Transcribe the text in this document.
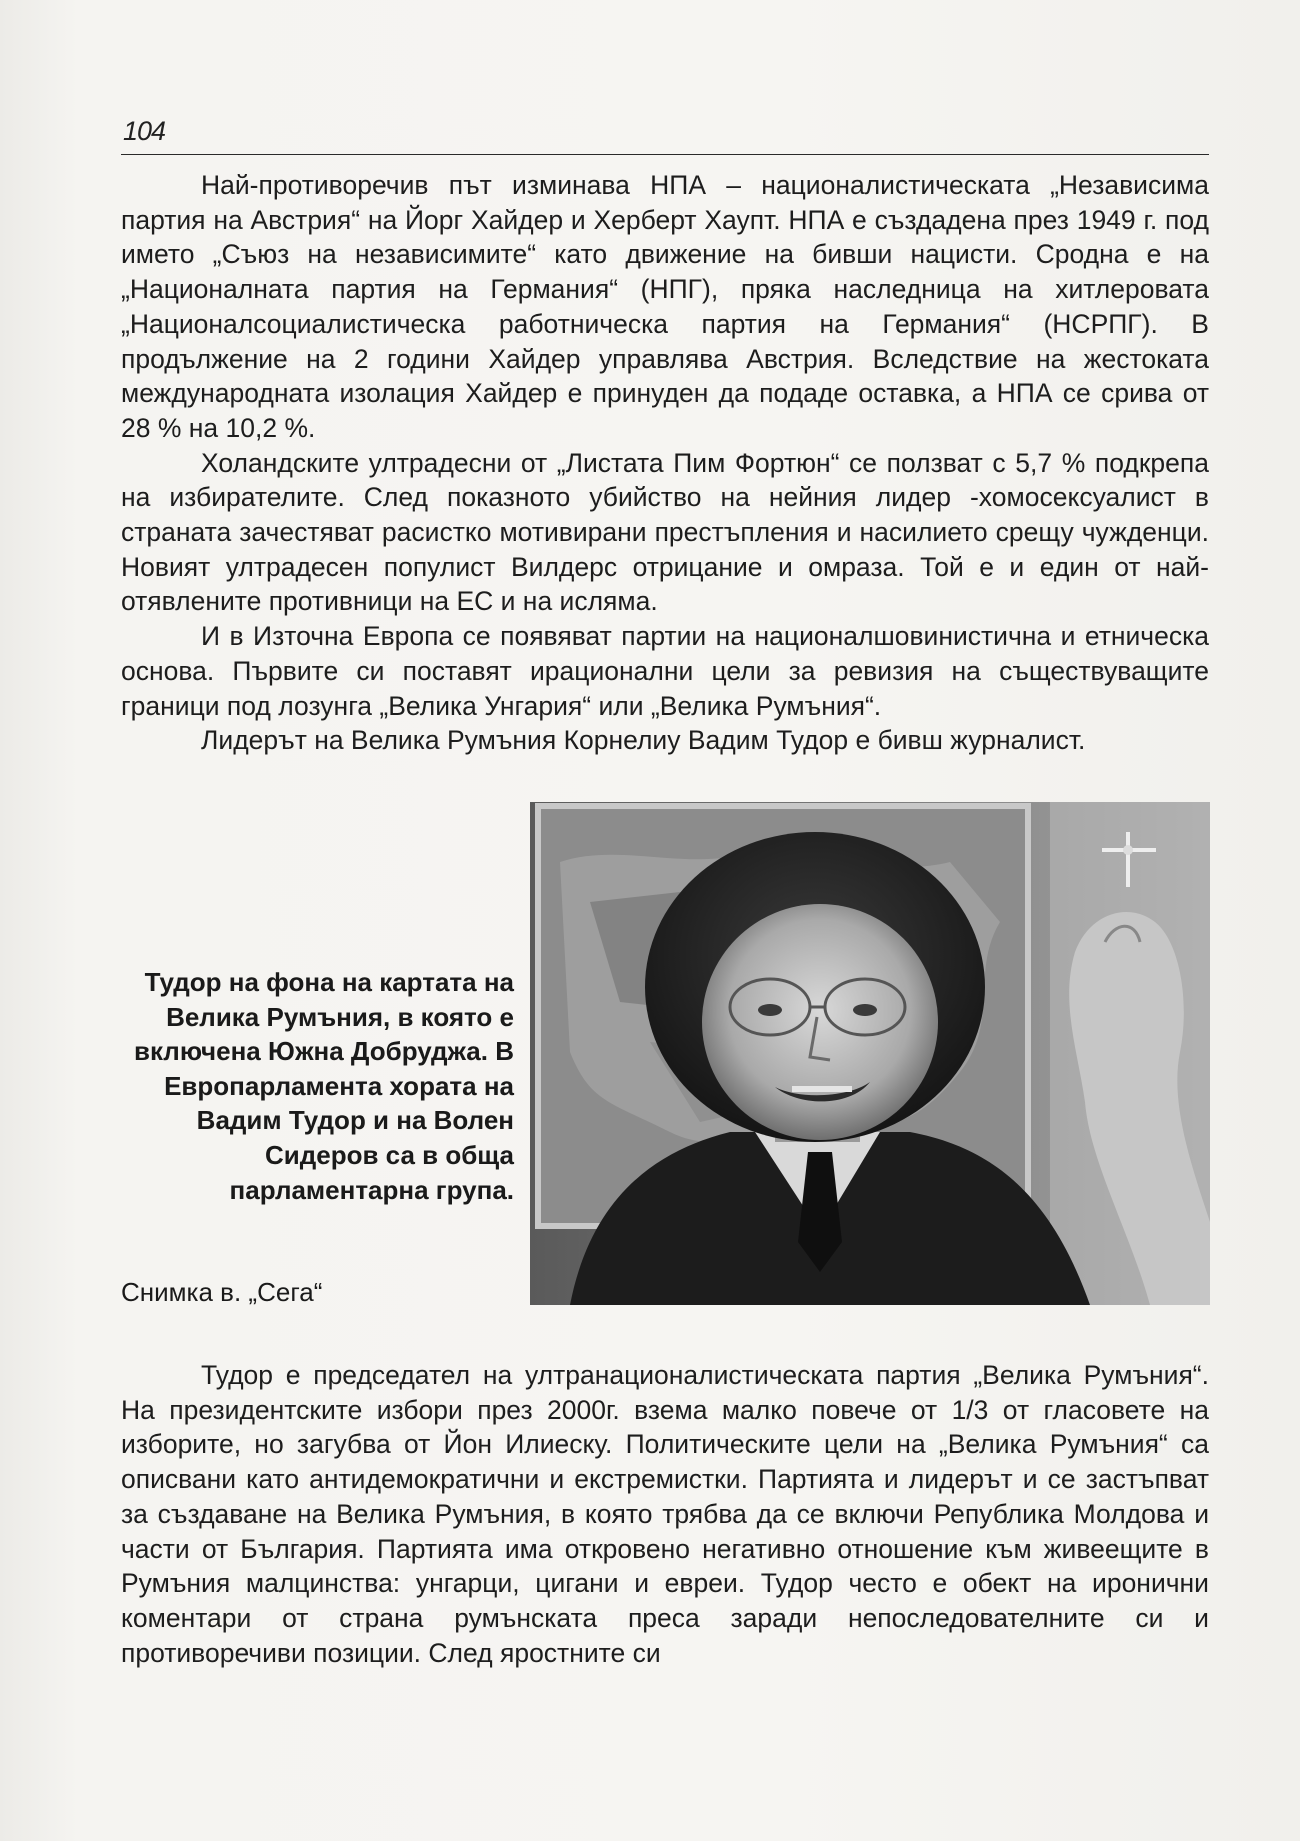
104

Най-противоречив път изминава НПА – националистическата „Независима партия на Австрия“ на Йорг Хайдер и Херберт Хаупт. НПА е създадена през 1949 г. под името „Съюз на независимите“ като движение на бивши нацисти. Сродна е на „Националната партия на Германия“ (НПГ), пряка наследница на хитлеровата „Националсоциалистическа работническа партия на Германия“ (НСРПГ). В продължение на 2 години Хайдер управлява Австрия. Вследствие на жестоката международната изолация Хайдер е принуден да подаде оставка, а НПА се срива от 28 % на 10,2 %.

Холандските ултрадесни от „Листата Пим Фортюн“ се ползват с 5,7 % подкрепа на избирателите. След показното убийство на нейния лидер -хомосексуалист в страната зачестяват расистко мотивирани престъпления и насилието срещу чужденци. Новият ултрадесен популист Вилдерс отрицание и омраза. Той е и един от най-отявлените противници на ЕС и на исляма.

И в Източна Европа се появяват партии на националшовинистична и етническа основа. Първите си поставят ирационални цели за ревизия на съществуващите граници под лозунга „Велика Унгария“ или „Велика Румъния“.

Лидерът на Велика Румъния Корнелиу Вадим Тудор е бивш журналист.

Тудор на фона на картата на Велика Румъния, в която е включена Южна Добруджа. В Европарламента хората на Вадим Тудор и на Волен Сидеров са в обща парламентарна група.
Снимка в. „Сега“

Тудор е председател на ултранационалистическата партия „Велика Румъния“. На президентските избори през 2000г. взема малко повече от 1/3 от гласовете на изборите, но загубва от Йон Илиеску. Политическите цели на „Велика Румъния“ са описвани като антидемократични и екстремистки. Партията и лидерът и се застъпват за създаване на Велика Румъния, в която трябва да се включи Република Молдова и части от България. Партията има откровено негативно отношение към живеещите в Румъния малцинства: унгарци, цигани и евреи. Тудор често е обект на иронични коментари от страна румънската преса заради непоследователните си и противоречиви позиции. След яростните си
